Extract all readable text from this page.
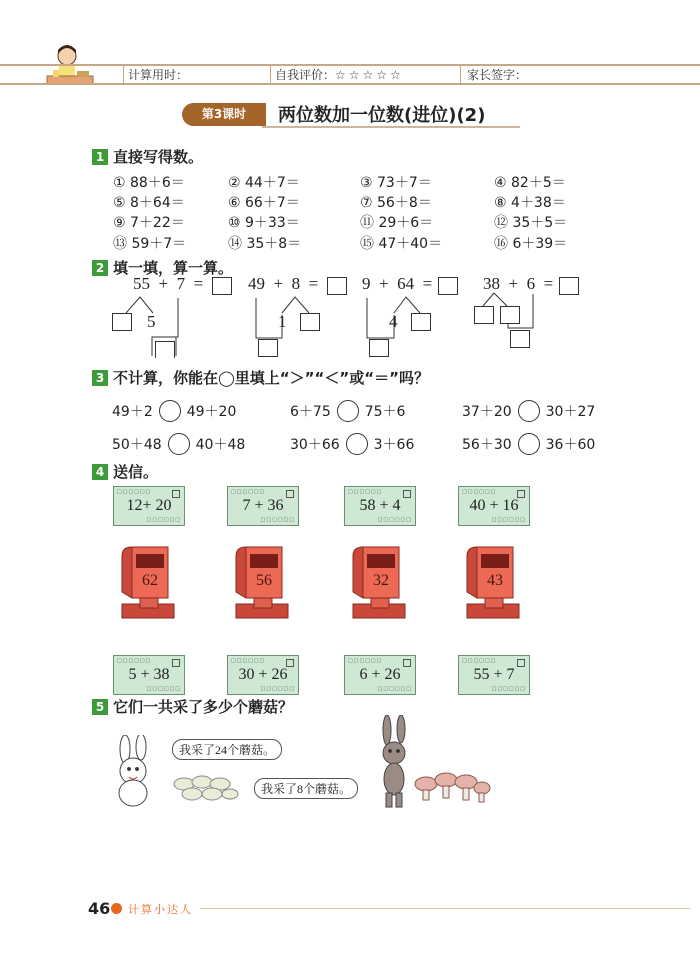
计算用时：	自我评价：☆☆☆☆☆	家长签字：
第3课时	两位数加一位数(进位)(2)
1 直接写得数。
① 88＋6＝	② 44＋7＝	③ 73＋7＝	④ 82＋5＝
⑤ 8＋64＝	⑥ 66＋7＝	⑦ 56＋8＝	⑧ 4＋38＝
⑨ 7＋22＝	⑩ 9＋33＝	⑪ 29＋6＝	⑫ 35＋5＝
⑬ 59＋7＝	⑭ 35＋8＝	⑮ 47＋40＝	⑯ 6＋39＝
2 填一填，算一算。
55  +  7  =	49  +  8  =	9  +  64  =	38  +  6  =
5	1	4
3 不计算，你能在◯里填上“＞”“＜”或“＝”吗？
49＋2 49＋20	6＋75 75＋6	37＋20 30＋27
50＋48 40＋48	30＋66 3＋66	56＋30 36＋60
4 送信。
□□□□□□
12+ 20
□□□□□□
□□□□□□
5 + 38
□□□□□□
62
□□□□□□
7 + 36
□□□□□□
□□□□□□
30 + 26
□□□□□□
56
□□□□□□
58 + 4
□□□□□□
□□□□□□
6 + 26
□□□□□□
32
□□□□□□
40 + 16
□□□□□□
□□□□□□
55 + 7
□□□□□□
43
5 它们一共采了多少个蘑菇？
我采了24个蘑菇。
我采了8个蘑菇。
46 计算小达人
